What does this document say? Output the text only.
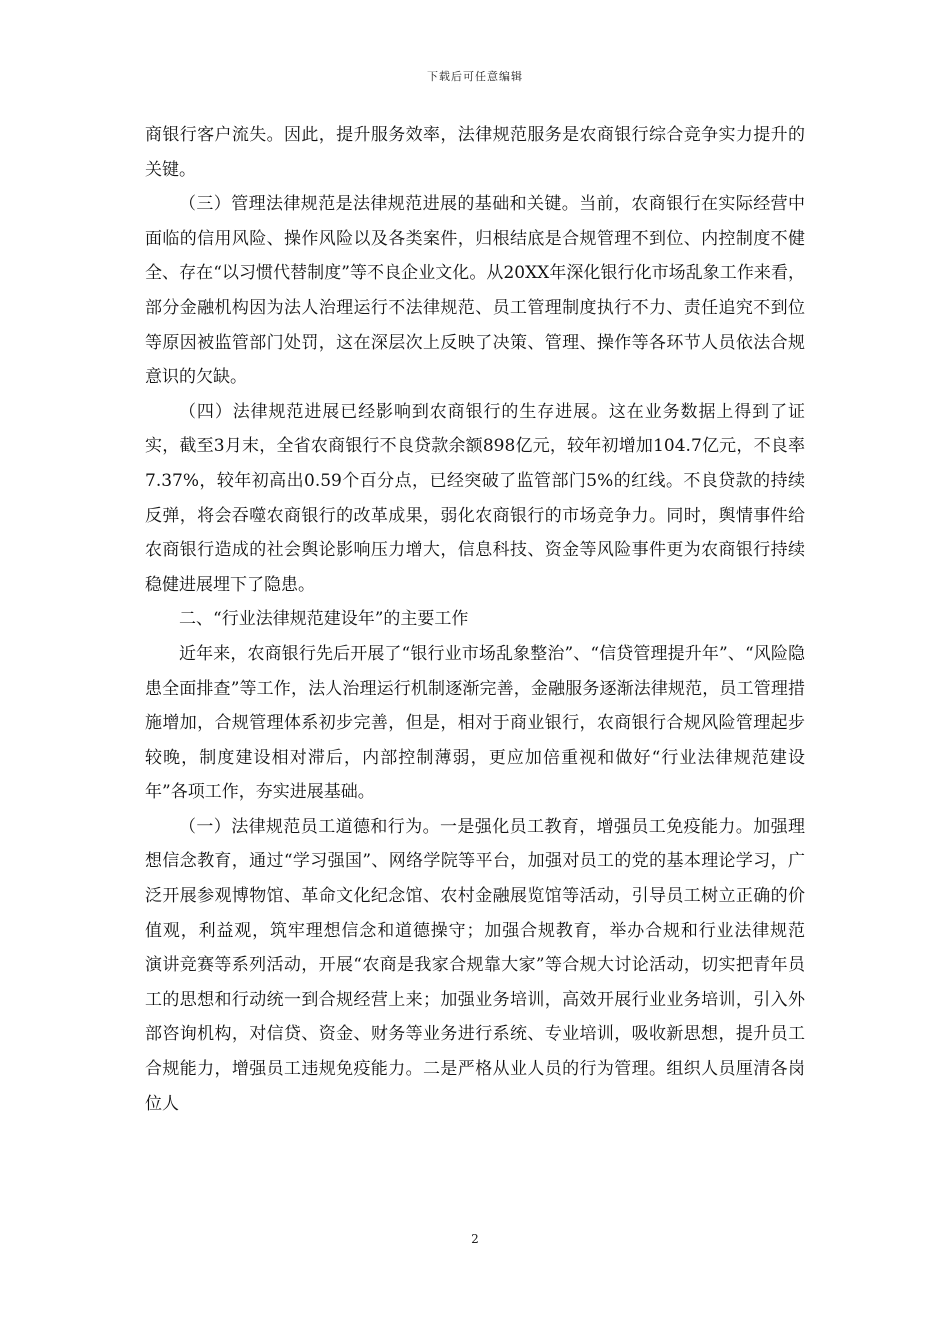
下载后可任意编辑

商银行客户流失。因此，提升服务效率，法律规范服务是农商银行综合竞争实力提升的关键。

（三）管理法律规范是法律规范进展的基础和关键。当前，农商银行在实际经营中面临的信用风险、操作风险以及各类案件，归根结底是合规管理不到位、内控制度不健全、存在“以习惯代替制度”等不良企业文化。从20XX年深化银行化市场乱象工作来看，部分金融机构因为法人治理运行不法律规范、员工管理制度执行不力、责任追究不到位等原因被监管部门处罚，这在深层次上反映了决策、管理、操作等各环节人员依法合规意识的欠缺。

（四）法律规范进展已经影响到农商银行的生存进展。这在业务数据上得到了证实，截至3月末，全省农商银行不良贷款余额898亿元，较年初增加104.7亿元，不良率7.37%，较年初高出0.59个百分点，已经突破了监管部门5%的红线。不良贷款的持续反弹，将会吞噬农商银行的改革成果，弱化农商银行的市场竞争力。同时，舆情事件给农商银行造成的社会舆论影响压力增大，信息科技、资金等风险事件更为农商银行持续稳健进展埋下了隐患。

二、“行业法律规范建设年”的主要工作

近年来，农商银行先后开展了“银行业市场乱象整治”、“信贷管理提升年”、“风险隐患全面排查”等工作，法人治理运行机制逐渐完善，金融服务逐渐法律规范，员工管理措施增加，合规管理体系初步完善，但是，相对于商业银行，农商银行合规风险管理起步较晚，制度建设相对滞后，内部控制薄弱，更应加倍重视和做好“行业法律规范建设年”各项工作，夯实进展基础。

（一）法律规范员工道德和行为。一是强化员工教育，增强员工免疫能力。加强理想信念教育，通过“学习强国”、网络学院等平台，加强对员工的党的基本理论学习，广泛开展参观博物馆、革命文化纪念馆、农村金融展览馆等活动，引导员工树立正确的价值观，利益观，筑牢理想信念和道德操守；加强合规教育，举办合规和行业法律规范　　演讲竞赛等系列活动，开展“农商是我家合规靠大家”等合规大讨论活动，切实把青年员工的思想和行动统一到合规经营上来；加强业务培训，高效开展行业业务培训，引入外部咨询机构，对信贷、资金、财务等业务进行系统、专业培训，吸收新思想，提升员工合规能力，增强员工违规免疫能力。二是严格从业人员的行为管理。组织人员厘清各岗位人

2
